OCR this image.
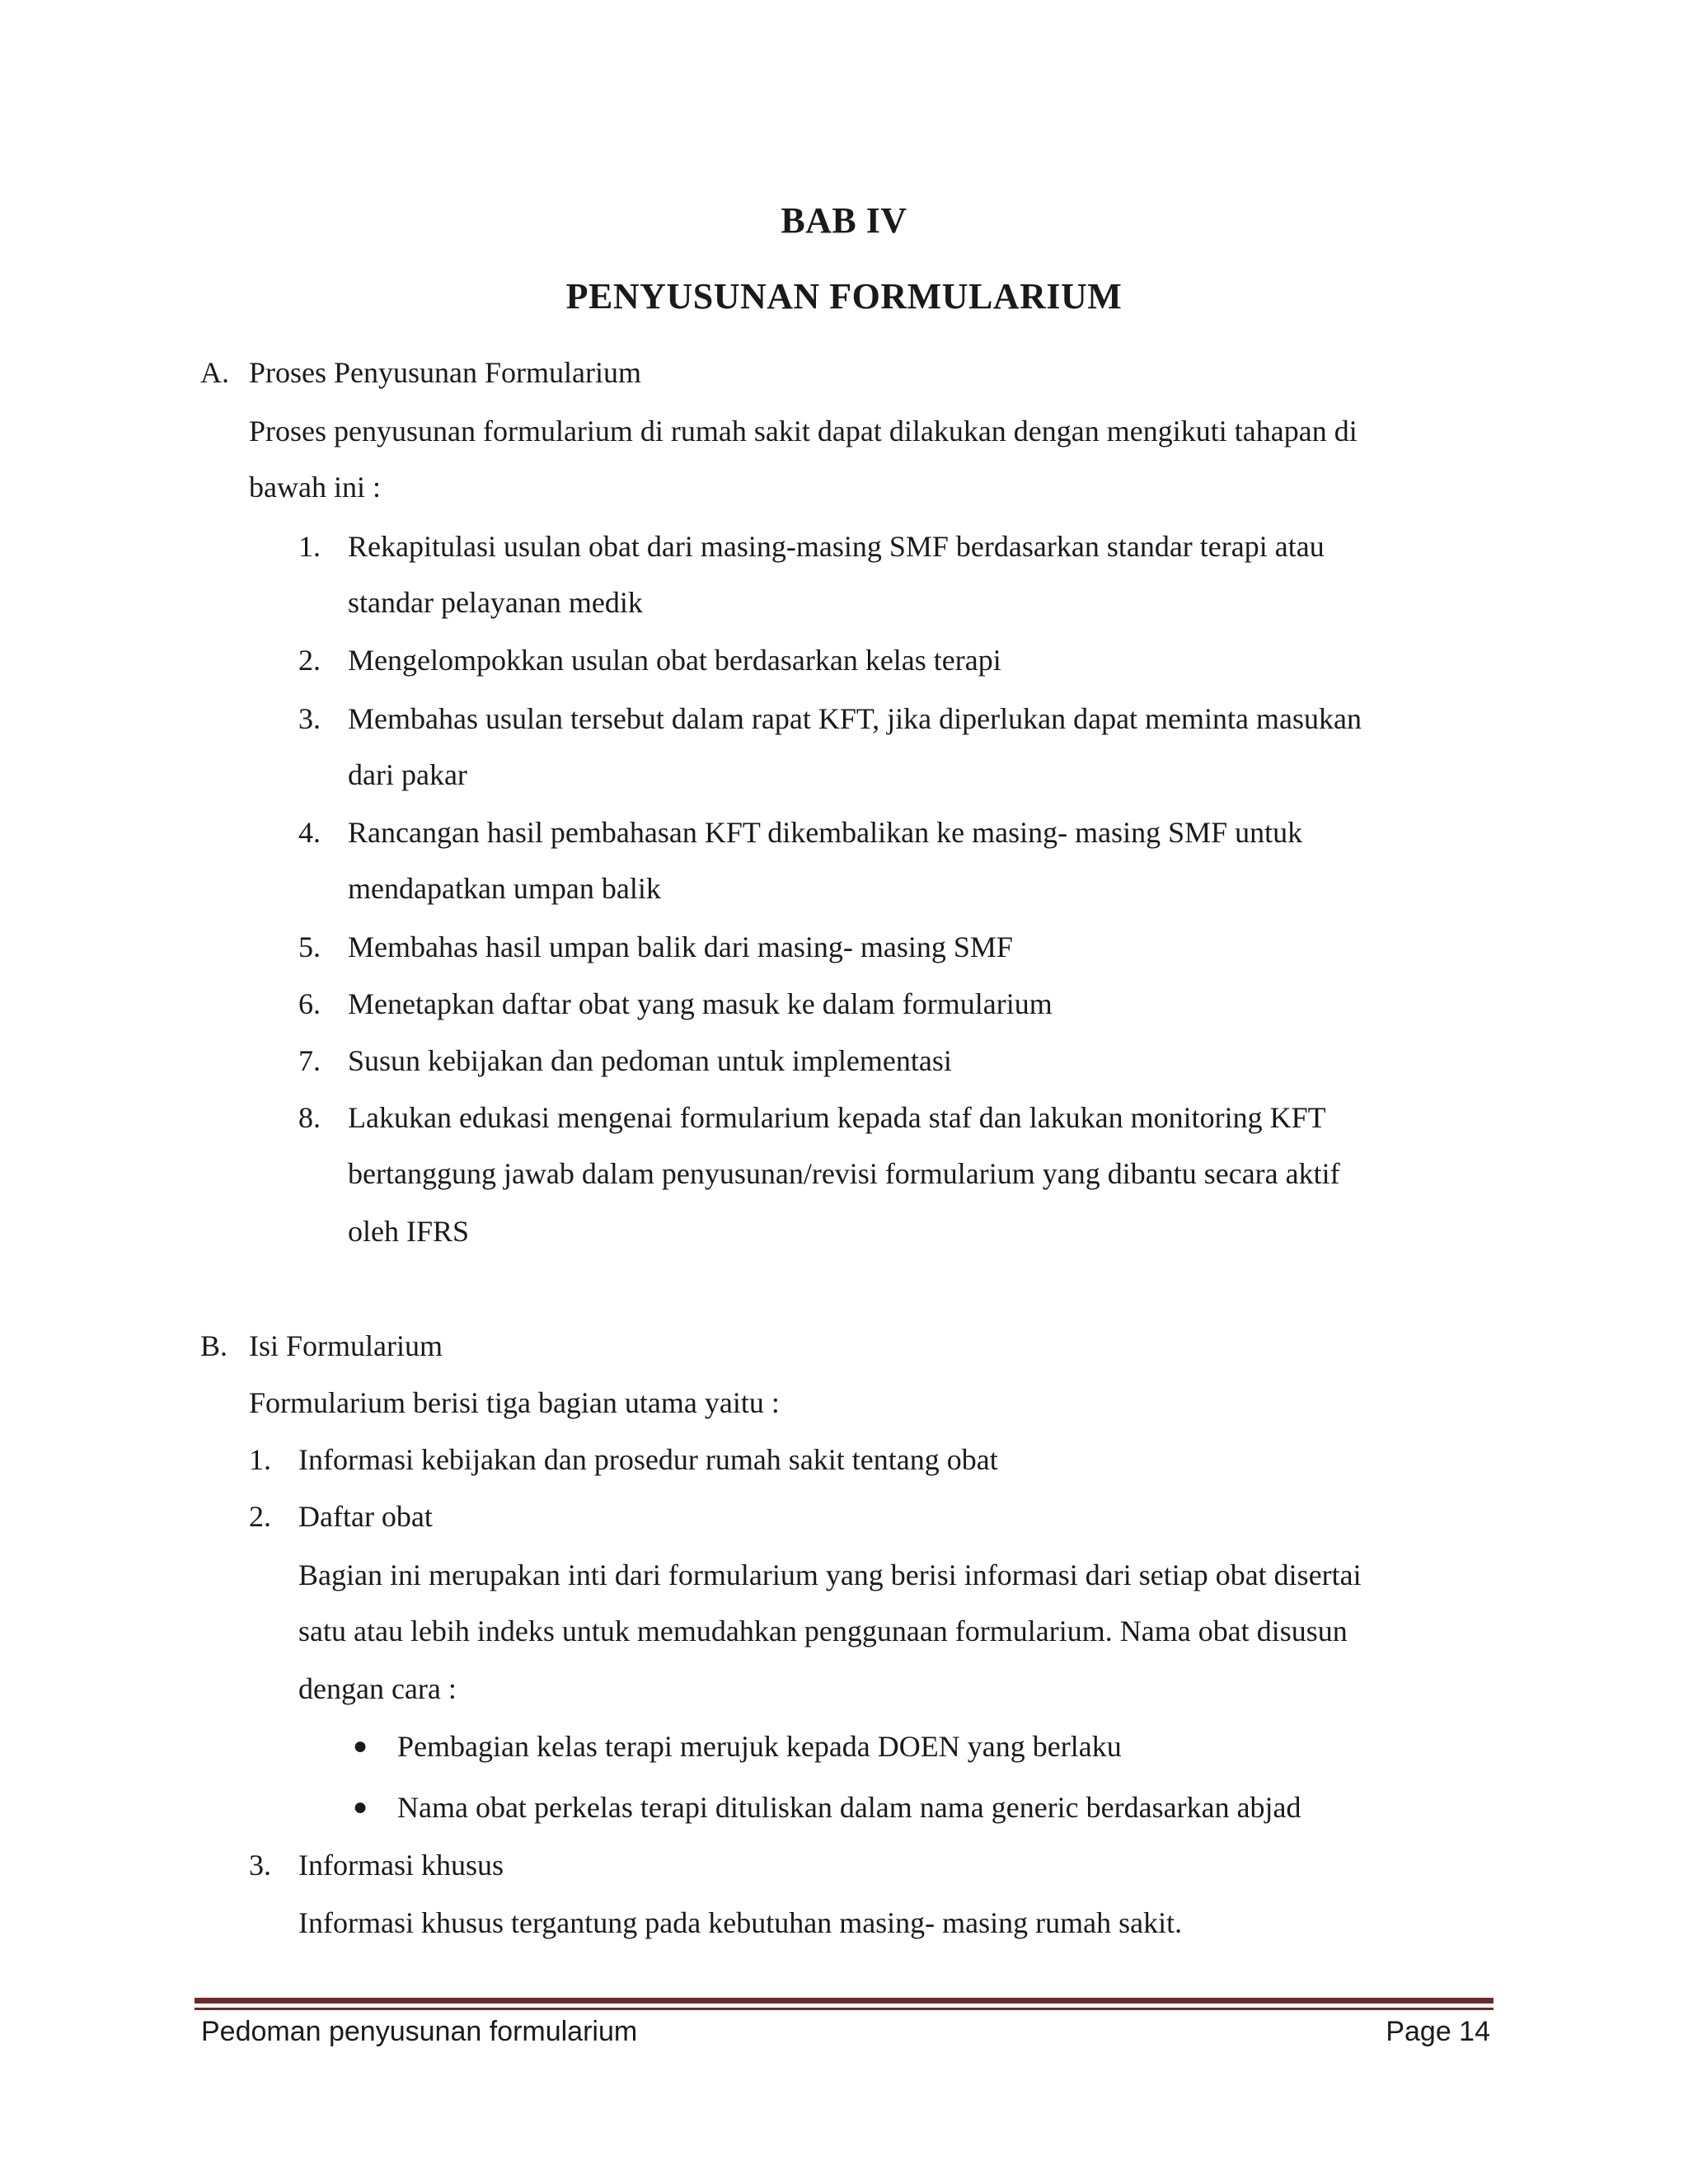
BAB IV
PENYUSUNAN FORMULARIUM
A. Proses Penyusunan Formularium
Proses penyusunan formularium di rumah sakit dapat dilakukan dengan mengikuti tahapan di
bawah ini :
1. Rekapitulasi usulan obat dari masing-masing SMF berdasarkan standar terapi atau
standar pelayanan medik
2. Mengelompokkan usulan obat berdasarkan kelas terapi
3. Membahas usulan tersebut dalam rapat KFT, jika diperlukan dapat meminta masukan
dari pakar
4. Rancangan hasil pembahasan KFT dikembalikan ke masing- masing SMF untuk
mendapatkan umpan balik
5. Membahas hasil umpan balik dari masing- masing SMF
6. Menetapkan daftar obat yang masuk ke dalam formularium
7. Susun kebijakan dan pedoman untuk implementasi
8. Lakukan edukasi mengenai formularium kepada staf dan lakukan monitoring KFT
bertanggung jawab dalam penyusunan/revisi formularium yang dibantu secara aktif
oleh IFRS
B. Isi Formularium
Formularium berisi tiga bagian utama yaitu :
1. Informasi kebijakan dan prosedur rumah sakit tentang obat
2. Daftar obat
Bagian ini merupakan inti dari formularium yang berisi informasi dari setiap obat disertai
satu atau lebih indeks untuk memudahkan penggunaan formularium. Nama obat disusun
dengan cara :
● Pembagian kelas terapi merujuk kepada DOEN yang berlaku
● Nama obat perkelas terapi dituliskan dalam nama generic berdasarkan abjad
3. Informasi khusus
Informasi khusus tergantung pada kebutuhan masing- masing rumah sakit.
Pedoman penyusunan formularium	Page 14
